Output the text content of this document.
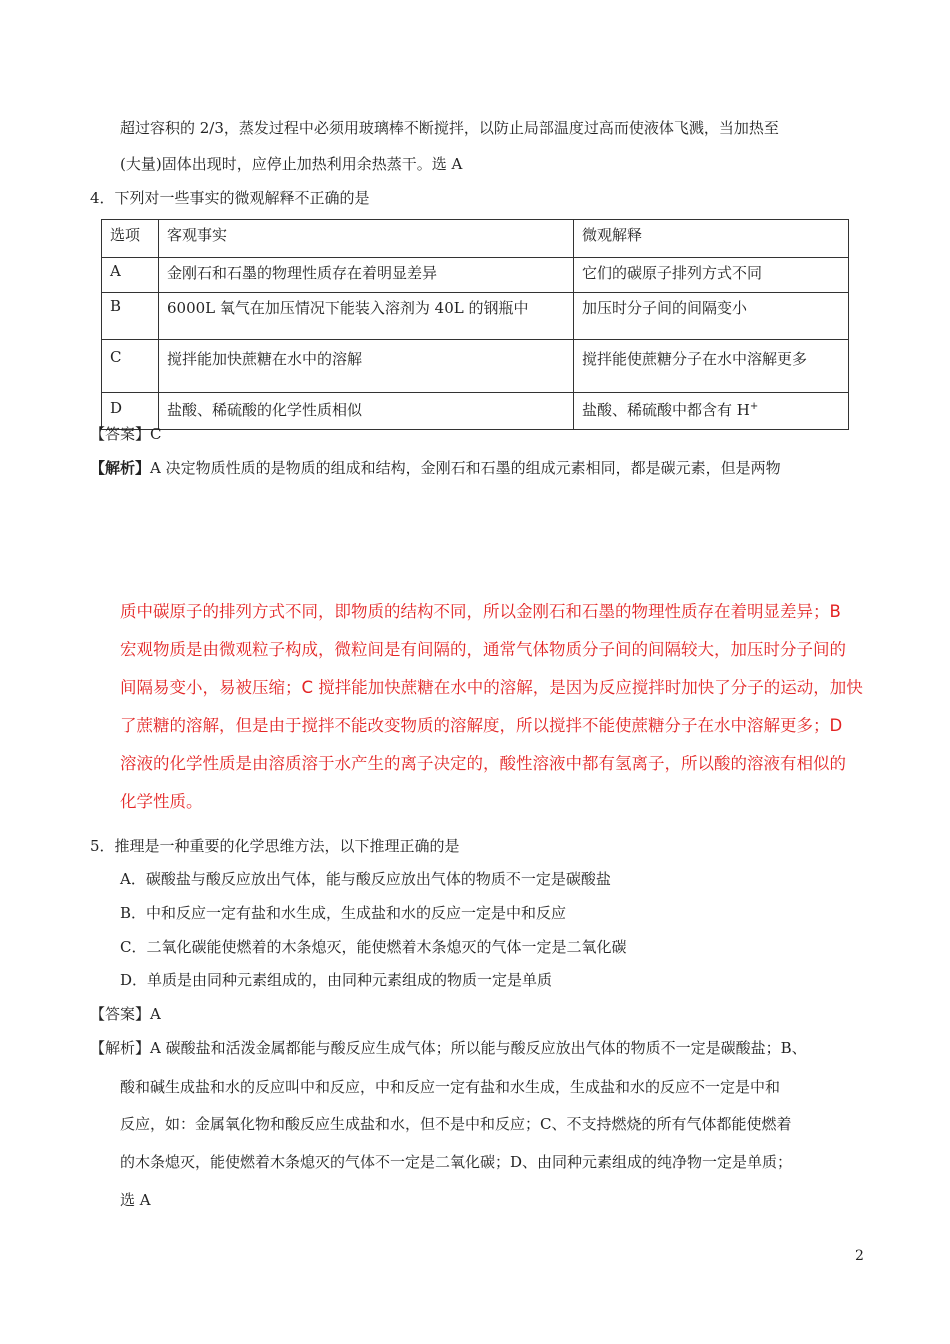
超过容积的 2/3，蒸发过程中必须用玻璃棒不断搅拌，以防止局部温度过高而使液体飞溅，当加热至
(大量)固体出现时，应停止加热利用余热蒸干。选 A
4．下列对一些事实的微观解释不正确的是
选项	客观事实	微观解释
A	金刚石和石墨的物理性质存在着明显差异	它们的碳原子排列方式不同
B	6000L 氧气在加压情况下能装入溶剂为 40L 的钢瓶中	加压时分子间的间隔变小
C	搅拌能加快蔗糖在水中的溶解	搅拌能使蔗糖分子在水中溶解更多
D	盐酸、稀硫酸的化学性质相似	盐酸、稀硫酸中都含有 H+
【答案】C
【解析】A 决定物质性质的是物质的组成和结构，金刚石和石墨的组成元素相同，都是碳元素，但是两物
质中碳原子的排列方式不同，即物质的结构不同，所以金刚石和石墨的物理性质存在着明显差异；B
宏观物质是由微观粒子构成，微粒间是有间隔的，通常气体物质分子间的间隔较大，加压时分子间的
间隔易变小，易被压缩；C 搅拌能加快蔗糖在水中的溶解，是因为反应搅拌时加快了分子的运动，加快
了蔗糖的溶解，但是由于搅拌不能改变物质的溶解度，所以搅拌不能使蔗糖分子在水中溶解更多；D
溶液的化学性质是由溶质溶于水产生的离子决定的，酸性溶液中都有氢离子，所以酸的溶液有相似的
化学性质。
5．推理是一种重要的化学思维方法，以下推理正确的是
A．碳酸盐与酸反应放出气体，能与酸反应放出气体的物质不一定是碳酸盐
B．中和反应一定有盐和水生成，生成盐和水的反应一定是中和反应
C．二氧化碳能使燃着的木条熄灭，能使燃着木条熄灭的气体一定是二氧化碳
D．单质是由同种元素组成的，由同种元素组成的物质一定是单质
【答案】A
【解析】A 碳酸盐和活泼金属都能与酸反应生成气体；所以能与酸反应放出气体的物质不一定是碳酸盐；B、
酸和碱生成盐和水的反应叫中和反应，中和反应一定有盐和水生成，生成盐和水的反应不一定是中和
反应，如：金属氧化物和酸反应生成盐和水，但不是中和反应；C、不支持燃烧的所有气体都能使燃着
的木条熄灭，能使燃着木条熄灭的气体不一定是二氧化碳；D、由同种元素组成的纯净物一定是单质；
选 A
2
